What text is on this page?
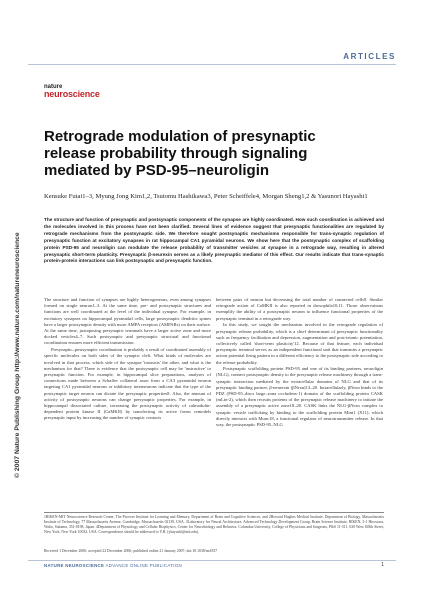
ARTICLES
nature
neuroscience
© 2007 Nature Publishing Group http://www.nature.com/natureneuroscience
Retrograde modulation of presynaptic release probability through signaling mediated by PSD-95–neuroligin
Kensuke Futai1–3, Myung Jong Kim1,2, Tsutomu Hashikawa3, Peter Scheiffele4, Morgan Sheng1,2 & Yasunori Hayashi1

The structure and function of presynaptic and postsynaptic components of the synapse are highly coordinated. How such coordination is achieved and the molecules involved in this process have not been clarified. Several lines of evidence suggest that presynaptic functionalities are regulated by retrograde mechanisms from the postsynaptic side. We therefore sought postsynaptic mechanisms responsible for trans-synaptic regulation of presynaptic function at excitatory synapses in rat hippocampal CA1 pyramidal neurons. We show here that the postsynaptic complex of scaffolding protein PSD-95 and neuroligin can modulate the release probability of transmitter vesicles at synapse in a retrograde way, resulting in altered presynaptic short-term plasticity. Presynaptic β-neurexin serves as a likely presynaptic mediator of this effect. Our results indicate that trans-synaptic protein-protein interactions can link postsynaptic and presynaptic function.

The structure and function of synapses are highly heterogeneous, even among synapses formed on single neuron1–3. At the same time, pre- and postsynaptic structures and functions are well coordinated at the level of the individual synapse. For example, in excitatory synapses on hippocampal pyramidal cells, large postsynaptic dendritic spines have a larger postsynaptic density with more AMPA receptors (AMPARs) on their surface. At the same time, juxtaposing presynaptic terminals have a larger active zone and more docked vesicles4–7. Such postsynaptic and presynaptic structural and functional coordination ensures more efficient transmission.

Presynaptic–postsynaptic coordination is probably a result of coordinated assembly of specific molecules on both sides of the synaptic cleft. What kinds of molecules are involved in that process, which side of the synapse 'instructs' the other, and what is the mechanism for that? There is evidence that the postsynaptic cell may be 'instructive' to presynaptic function. For example, in hippocampal slice preparations, analyses of connections made between a Schaffer collateral axon from a CA3 pyramidal neuron targeting CA1 pyramidal neurons or inhibitory interneurons indicate that the type of the postsynaptic target neuron can dictate the presynaptic properties8. Also, the amount of activity of postsynaptic neurons can change presynaptic properties. For example, in hippocampal dissociated culture, increasing the postsynaptic activity of calmodulin-dependent protein kinase II (CaMKII) by transfecting its active forms remodels presynaptic input by increasing the number of synaptic contacts

between pairs of neuron but decreasing the total number of connected cells9. Similar retrograde action of CaMKII is also reported in drosophila10,11. Those observations exemplify the ability of a postsynaptic neuron to influence functional properties of the presynaptic terminal in a retrograde way.

In this study, we sought the mechanism involved in the retrograde regulation of presynaptic release probability, which is a chief determinant of presynaptic functionality such as frequency facilitation and depression, augmentation and post-tetanic potentiation, collectively called 'short-term plasticity'12. Because of that feature, each individual presynaptic terminal serves as an independent functional unit that transmits a presynaptic action potential firing pattern in a different efficiency to the postsynaptic side according to the release probability.

Postsynaptic scaffolding protein PSD-95 and one of its binding partners, neuroligin (NLG), connect postsynaptic density to the presynaptic release machinery through a trans-synaptic interaction mediated by the extracellular domains of NLG and that of its presynaptic binding partner, β-neurexin (βNrxn)13–20. Intracellularly, βNrxn binds to the PDZ (PSD-95–discs large–zona occludens-1) domain of the scaffolding protein CASK (mLin-2), which then recruits proteins of the presynaptic release machinery to initiate the assembly of a presynaptic active zone18–20. CASK links the NLG-βNrxn complex to synaptic vesicle trafficking by binding to the scaffolding protein Mint1 (X11), which directly interacts with Munc18, a functional regulator of neurotransmitter release. In that way, the postsynaptic PSD-95–NLG

1RIKEN-MIT Neuroscience Research Center, The Picower Institute for Learning and Memory, Department of Brain and Cognitive Sciences, and 2Howard Hughes Medical Institute, Department of Biology, Massachusetts Institute of Technology, 77 Massachusetts Avenue, Cambridge, Massachusetts 02139, USA. 3Laboratory for Neural Architecture, Advanced Technology Development Group, Brain Science Institute, RIKEN, 2-1 Hirosawa, Wako, Saitama, 351-0198, Japan. 4Department of Physiology and Cellular Biophysics, Center for Neurobiology and Behavior, Columbia University, College of Physicians and Surgeons, P&S 11-511, 630 West 168th Street, New York, New York 10032, USA. Correspondence should be addressed to Y.H. (yhayashi@mit.edu).
Received 1 December 2006; accepted 22 December 2006; published online 21 January 2007; doi:10.1038/nn1837
NATURE NEUROSCIENCE ADVANCE ONLINE PUBLICATION	1
